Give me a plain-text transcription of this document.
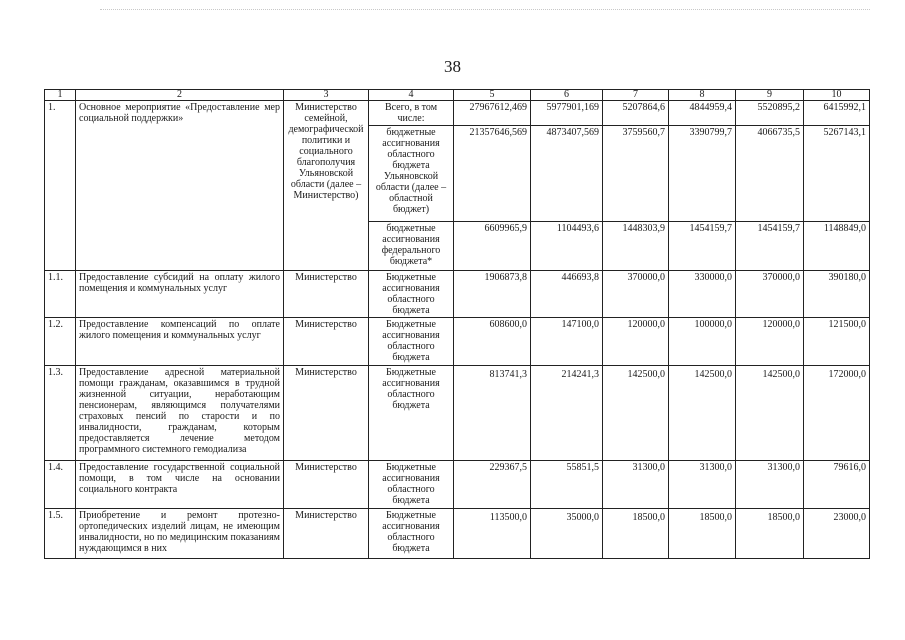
38
1	2	3	4	5	6	7	8	9	10
1.	Основное мероприятие «Предоставление мер социальной поддержки»	Министерство семейной, демографической политики и социального благополучия Ульяновской области (далее – Министерство)	Всего, в том числе:	27967612,469	5977901,169	5207864,6	4844959,4	5520895,2	6415992,1
			бюджетные ассигнования областного бюджета Ульяновской области (далее – областной бюджет)	21357646,569	4873407,569	3759560,7	3390799,7	4066735,5	5267143,1
			бюджетные ассигнования федерального бюджета*	6609965,9	1104493,6	1448303,9	1454159,7	1454159,7	1148849,0
1.1.	Предоставление субсидий на оплату жилого помещения и коммунальных услуг	Министерство	Бюджетные ассигнования областного бюджета	1906873,8	446693,8	370000,0	330000,0	370000,0	390180,0
1.2.	Предоставление компенсаций по оплате жилого помещения и коммунальных услуг	Министерство	Бюджетные ассигнования областного бюджета	608600,0	147100,0	120000,0	100000,0	120000,0	121500,0
1.3.	Предоставление адресной материальной помощи гражданам, оказавшимся в трудной жизненной ситуации, неработающим пенсионерам, являющимся получателями страховых пенсий по старости и по инвалидности, гражданам, которым предоставляется лечение методом программного системного гемодиализа	Министерство	Бюджетные ассигнования областного бюджета	813741,3	214241,3	142500,0	142500,0	142500,0	172000,0
1.4.	Предоставление государственной социальной помощи, в том числе на основании социального контракта	Министерство	Бюджетные ассигнования областного бюджета	229367,5	55851,5	31300,0	31300,0	31300,0	79616,0
1.5.	Приобретение и ремонт протезно-ортопедических изделий лицам, не имеющим инвалидности, но по медицинским показаниям нуждающимся в них	Министерство	Бюджетные ассигнования областного бюджета	113500,0	35000,0	18500,0	18500,0	18500,0	23000,0
